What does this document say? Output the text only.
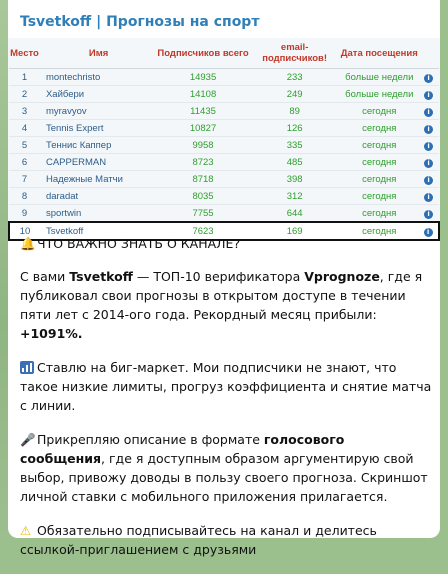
Tsvetkoff | Прогнозы на спорт
Место	Имя	Подписчиков всего	email-подписчиков!	Дата посещения	
1	montechristo	14935	233	больше недели	i
2	Хайбери	14108	249	больше недели	i
3	myravyov	11435	89	сегодня	i
4	Tennis Expert	10827	126	сегодня	i
5	Теннис Каппер	9958	335	сегодня	i
6	CAPPERMAN	8723	485	сегодня	i
7	Надежные Матчи	8718	398	сегодня	i
8	daradat	8035	312	сегодня	i
9	sportwin	7755	644	сегодня	i
10	Tsvetkoff	7623	169	сегодня	i

🔔ЧТО ВАЖНО ЗНАТЬ О КАНАЛЕ?

С вами Tsvetkoff — ТОП-10 верификатора Vprognoze, где я публиковал свои прогнозы в открытом доступе в течении пяти лет с 2014-ого года. Рекордный месяц прибыли: +1091%.

Ставлю на биг-маркет. Мои подписчики не знают, что такое низкие лимиты, прогруз коэффициента и снятие матча с линии.

🎤Прикрепляю описание в формате голосового сообщения, где я доступным образом аргументирую свой выбор, привожу доводы в пользу своего прогноза. Скриншот личной ставки с мобильного приложения прилагается.

⚠ Обязательно подписывайтесь на канал и делитесь ссылкой-приглашением с друзьями
